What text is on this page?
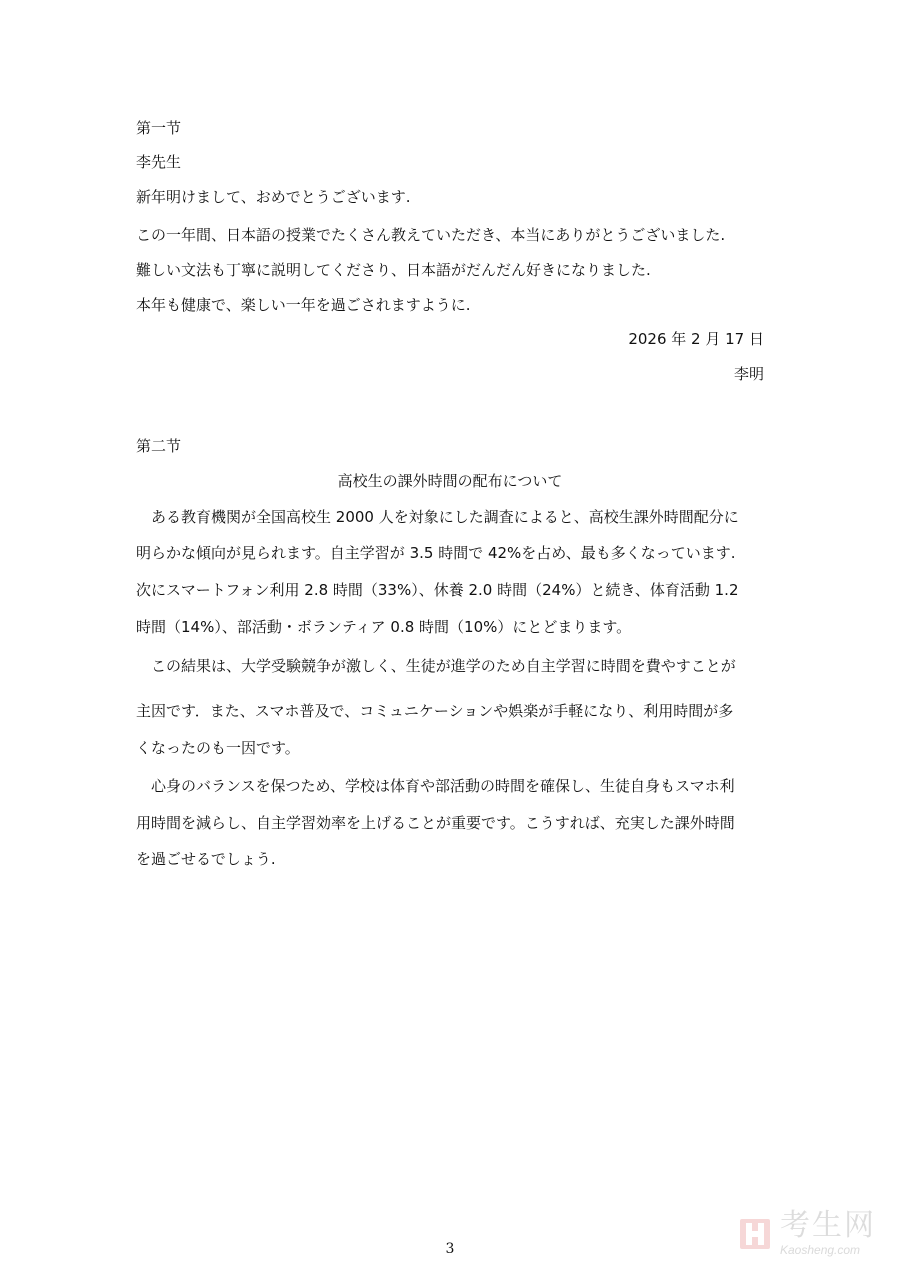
第一节
李先生
新年明けまして、おめでとうございます.
この一年間、日本語の授業でたくさん教えていただき、本当にありがとうございました.
難しい文法も丁寧に説明してくださり、日本語がだんだん好きになりました.
本年も健康で、楽しい一年を過ごされますように.
2026 年 2 月 17 日
李明
第二节
高校生の課外時間の配布について
　ある教育機関が全国高校生 2000 人を対象にした調査によると、高校生課外時間配分に
明らかな傾向が見られます。自主学習が 3.5 時間で 42%を占め、最も多くなっています.
次にスマートフォン利用 2.8 時間（33%）、休養 2.0 時間（24%）と続き、体育活動 1.2
時間（14%）、部活動・ボランティア 0.8 時間（10%）にとどまります。
　この結果は、大学受験競争が激しく、生徒が進学のため自主学習に時間を費やすことが
主因です．また、スマホ普及で、コミュニケーションや娯楽が手軽になり、利用時間が多
くなったのも一因です。
　心身のバランスを保つため、学校は体育や部活動の時間を確保し、生徒自身もスマホ利
用時間を減らし、自主学習効率を上げることが重要です。こうすれば、充実した課外時間
を過ごせるでしょう.
3
考生网
Kaosheng.com
